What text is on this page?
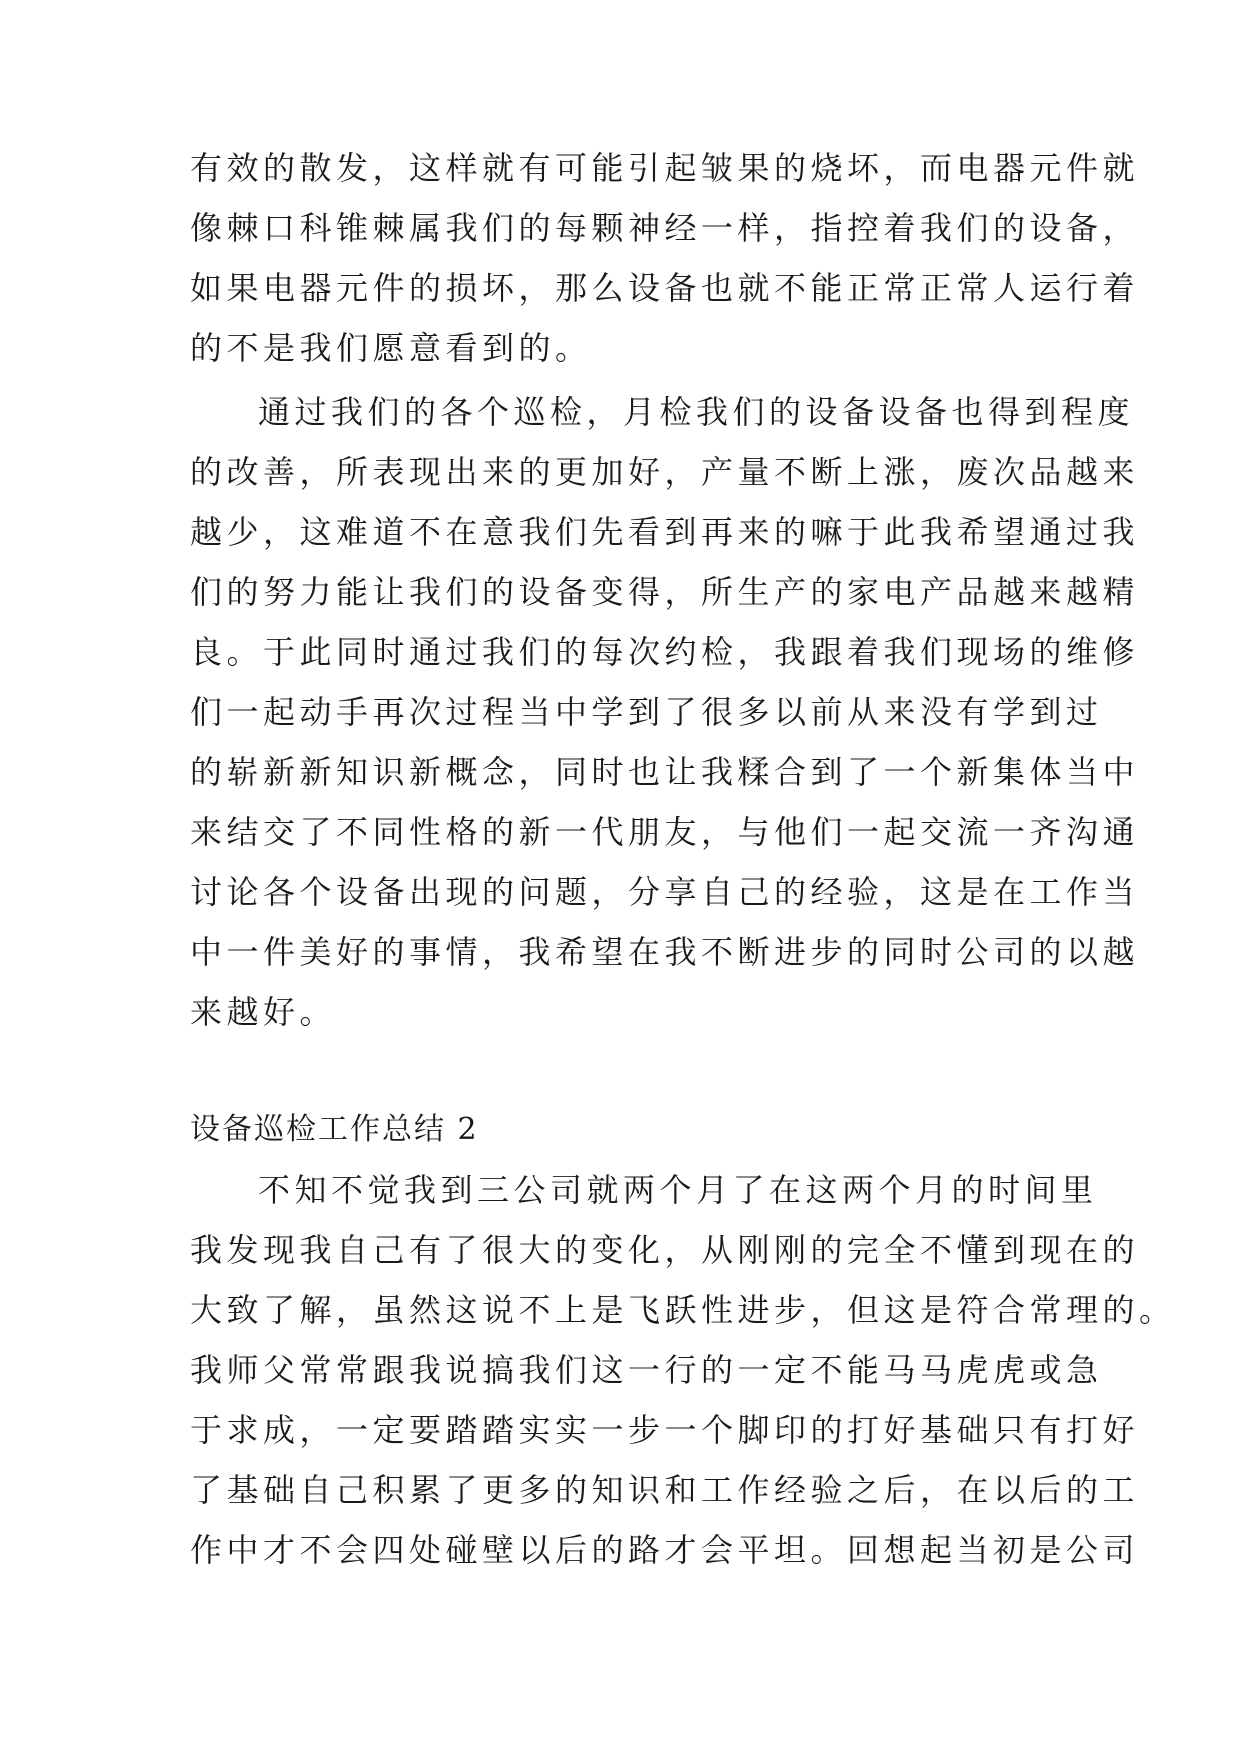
有效的散发，这样就有可能引起皱果的烧坏，而电器元件就
像棘口科锥棘属我们的每颗神经一样，指控着我们的设备，
如果电器元件的损坏，那么设备也就不能正常正常人运行着
的不是我们愿意看到的。
通过我们的各个巡检，月检我们的设备设备也得到程度
的改善，所表现出来的更加好，产量不断上涨，废次品越来
越少，这难道不在意我们先看到再来的嘛于此我希望通过我
们的努力能让我们的设备变得，所生产的家电产品越来越精
良。于此同时通过我们的每次约检，我跟着我们现场的维修
们一起动手再次过程当中学到了很多以前从来没有学到过
的崭新新知识新概念，同时也让我糅合到了一个新集体当中
来结交了不同性格的新一代朋友，与他们一起交流一齐沟通
讨论各个设备出现的问题，分享自己的经验，这是在工作当
中一件美好的事情，我希望在我不断进步的同时公司的以越
来越好。
设备巡检工作总结 2
不知不觉我到三公司就两个月了在这两个月的时间里
我发现我自己有了很大的变化，从刚刚的完全不懂到现在的
大致了解，虽然这说不上是飞跃性进步，但这是符合常理的。
我师父常常跟我说搞我们这一行的一定不能马马虎虎或急
于求成，一定要踏踏实实一步一个脚印的打好基础只有打好
了基础自己积累了更多的知识和工作经验之后，在以后的工
作中才不会四处碰壁以后的路才会平坦。回想起当初是公司
